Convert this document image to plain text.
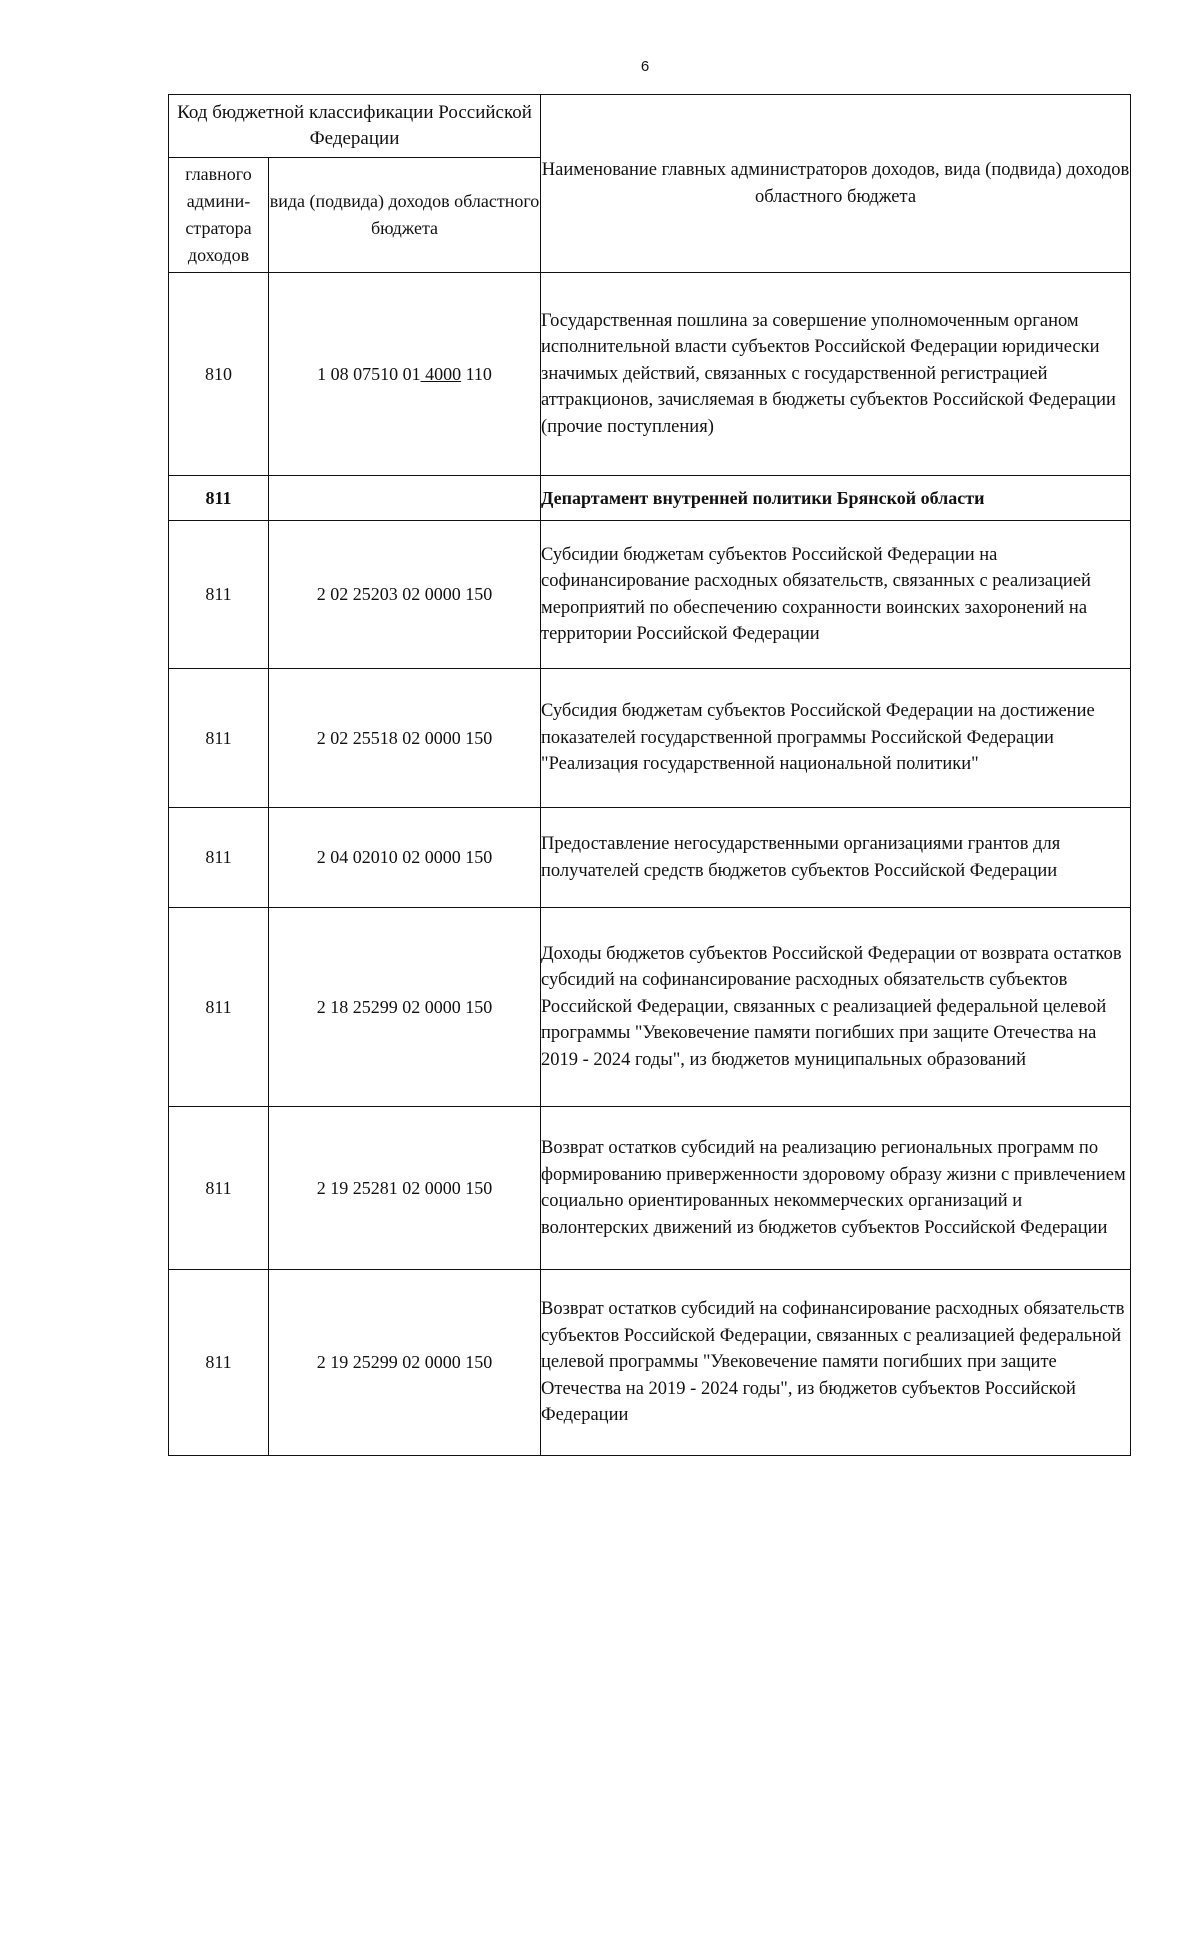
6
Код бюджетной классификации Российской Федерации		Наименование главных администраторов доходов, вида (подвида) доходов областного бюджета
главного админи- стратора доходов	вида (подвида) доходов областного бюджета	
810	1 08 07510 01 4000 110	Государственная пошлина за совершение уполномоченным органом исполнительной власти субъектов Российской Федерации юридически значимых действий, связанных с государственной регистрацией аттракционов, зачисляемая в бюджеты субъектов Российской Федерации (прочие поступления)
811		Департамент внутренней политики Брянской области
811	2 02 25203 02 0000 150	Субсидии бюджетам субъектов Российской Федерации на софинансирование расходных обязательств, связанных с реализацией мероприятий по обеспечению сохранности воинских захоронений на территории Российской Федерации
811	2 02 25518 02 0000 150	Субсидия бюджетам субъектов Российской Федерации на достижение показателей государственной программы Российской Федерации "Реализация государственной национальной политики"
811	2 04 02010 02 0000 150	Предоставление негосударственными организациями грантов для получателей средств бюджетов субъектов Российской Федерации
811	2 18 25299 02 0000 150	Доходы бюджетов субъектов Российской Федерации от возврата остатков субсидий на софинансирование расходных обязательств субъектов Российской Федерации, связанных с реализацией федеральной целевой программы "Увековечение памяти погибших при защите Отечества на 2019 - 2024 годы", из бюджетов муниципальных образований
811	2 19 25281 02 0000 150	Возврат остатков субсидий на реализацию региональных программ по формированию приверженности здоровому образу жизни с привлечением социально ориентированных некоммерческих организаций и волонтерских движений из бюджетов субъектов Российской Федерации
811	2 19 25299 02 0000 150	Возврат остатков субсидий на софинансирование расходных обязательств субъектов Российской Федерации, связанных с реализацией федеральной целевой программы "Увековечение памяти погибших при защите Отечества на 2019 - 2024 годы", из бюджетов субъектов Российской Федерации
